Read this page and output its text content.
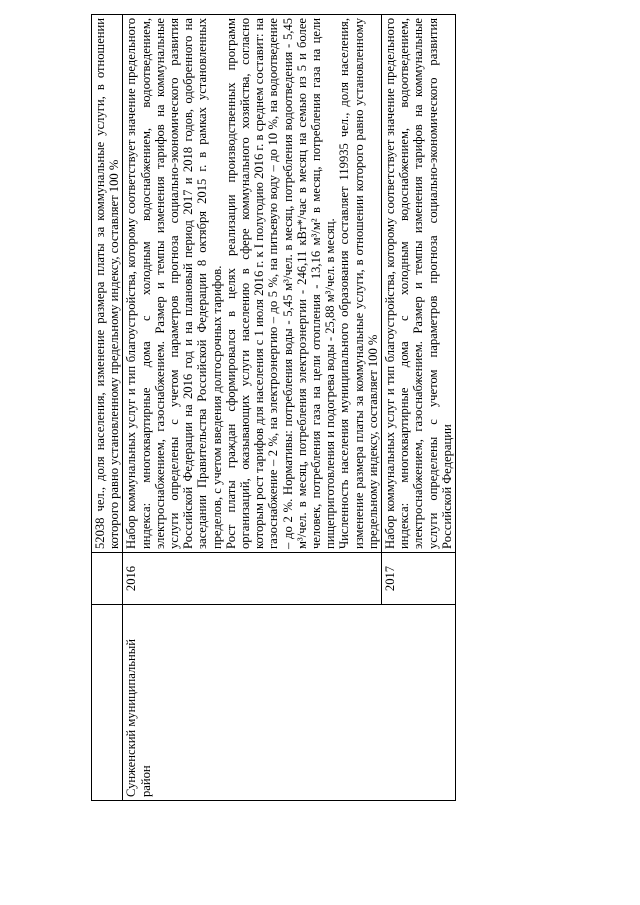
		52038 чел., доля населения, изменение размера платы за коммунальные услуги, в отношении которого равно установленному предельному индексу, составляет 100 %

Сунженский муниципальный район	2016	Набор коммунальных услуг и тип благоустройства, которому соответствует значение предельного индекса: многоквартирные дома с холодным водоснабжением, водоотведением, электроснабжением, газоснабжением. Размер и темпы изменения тарифов на коммунальные услуги определены с учетом параметров прогноза социально-экономического развития Российской Федерации на 2016 год и на плановый период 2017 и 2018 годов, одобренного на заседании Правительства Российской Федерации 8 октября 2015 г. в рамках установленных пределов, с учетом введения долгосрочных тарифов. Рост платы граждан сформировался в целях реализации производственных программ организаций, оказывающих услуги населению в сфере коммунального хозяйства, согласно которым рост тарифов для населения с 1 июля 2016 г. к I полугодию 2016 г. в среднем составит: на газоснабжение – 2 %, на электроэнергию – до 5 %, на питьевую воду – до 10 %, на водоотведение – до 2 %. Нормативы: потребления воды - 5,45 м³/чел. в месяц, потребления водоотведения - 5,45 м³/чел. в месяц, потребления электроэнергии - 246,11 кВт*/час в месяц на семью из 5 и более человек, потребления газа на цели отопления - 13,16 м³/м² в месяц, потребления газа на цели пищеприготовления и подогрева воды - 25,88 м³/чел. в месяц. Численность населения муниципального образования составляет 119935 чел., доля населения, изменение размера платы за коммунальные услуги, в отношении которого равно установленному предельному индексу, составляет 100 %

	2017	Набор коммунальных услуг и тип благоустройства, которому соответствует значение предельного индекса: многоквартирные дома с холодным водоснабжением, водоотведением, электроснабжением, газоснабжением. Размер и темпы изменения тарифов на коммунальные услуги определены с учетом параметров прогноза социально-экономического развития Российской Федерации
